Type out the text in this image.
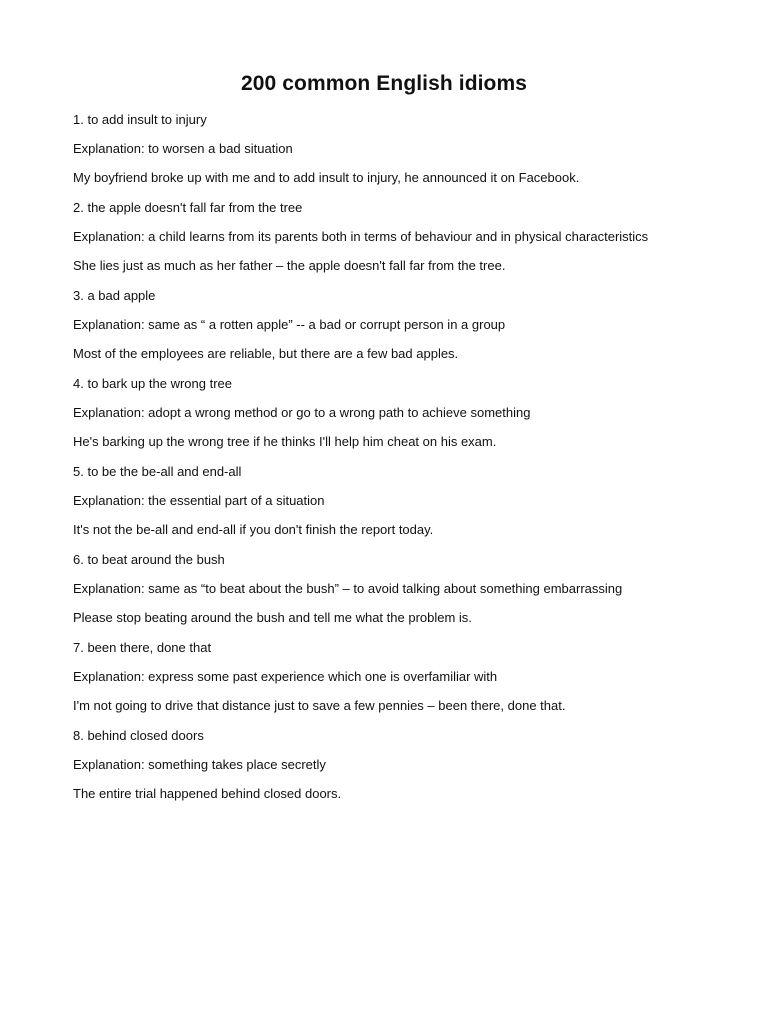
200 common English idioms

1. to add insult to injury

Explanation: to worsen a bad situation

My boyfriend broke up with me and to add insult to injury, he announced it on Facebook.

2. the apple doesn't fall far from the tree

Explanation: a child learns from its parents both in terms of behaviour and in physical characteristics

She lies just as much as her father – the apple doesn't fall far from the tree.

3. a bad apple

Explanation: same as “ a rotten apple” -- a bad or corrupt person in a group

Most of the employees are reliable, but there are a few bad apples.

4. to bark up the wrong tree

Explanation: adopt a wrong method or go to a wrong path to achieve something

He's barking up the wrong tree if he thinks I'll help him cheat on his exam.

5. to be the be-all and end-all

Explanation: the essential part of a situation

It's not the be-all and end-all if you don't finish the report today.

6. to beat around the bush

Explanation: same as “to beat about the bush” – to avoid talking about something embarrassing

Please stop beating around the bush and tell me what the problem is.

7. been there, done that

Explanation: express some past experience which one is overfamiliar with

I'm not going to drive that distance just to save a few pennies – been there, done that.

8. behind closed doors

Explanation: something takes place secretly

The entire trial happened behind closed doors.
